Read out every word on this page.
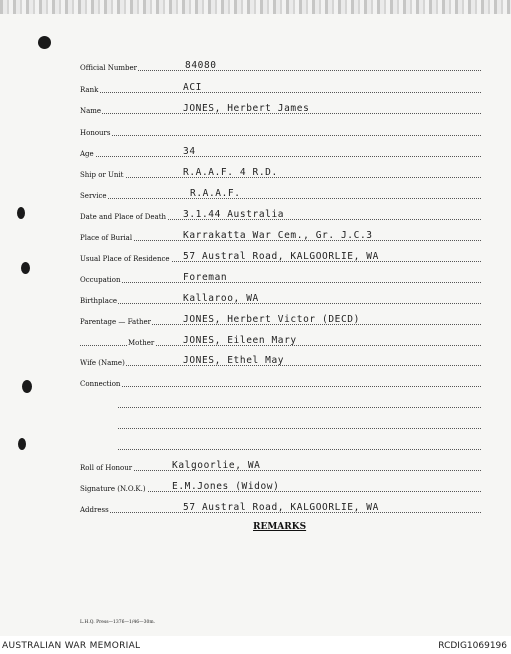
Official Number	84080
Rank	ACI
Name	JONES, Herbert James
Honours
Age	34
Ship or Unit	R.A.A.F. 4 R.D.
Service	R.A.A.F.
Date and Place of Death 3.1.44 Australia
Place of Burial	Karrakatta War Cem., Gr. J.C.3
Usual Place of Residence 57 Austral Road, KALGOORLIE, WA
Occupation	Foreman
Birthplace	Kallaroo, WA
Parentage — Father	JONES, Herbert Victor (DECD)
Mother	JONES, Eileen Mary
Wife (Name)	JONES, Ethel May
Connection
Roll of Honour	Kalgoorlie, WA
Signature (N.O.K.)	E.M.Jones (Widow)
Address	57 Austral Road, KALGOORLIE, WA
REMARKS
L.H.Q. Press—1376—1/46—30m.
AUSTRALIAN WAR MEMORIAL	RCDIG1069196
